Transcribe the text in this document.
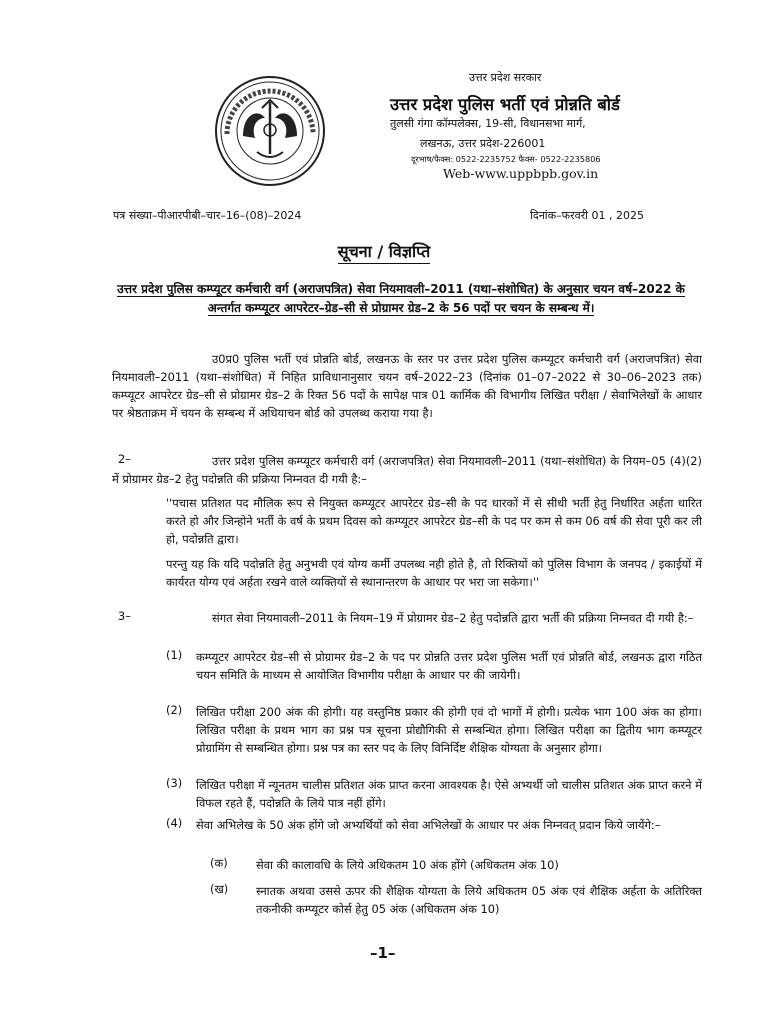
उत्तर प्रदेश सरकार
उत्तर प्रदेश पुलिस भर्ती एवं प्रोन्नति बोर्ड
तुलसी गंगा कॉम्पलेक्स, 19-सी, विधानसभा मार्ग,
लखनऊ, उत्तर प्रदेश-226001
दूरभाष/फैक्स: 0522-2235752 फैक्स- 0522-2235806
Web-www.uppbpb.gov.in
पत्र संख्या–पीआरपीबी–चार–16–(08)–2024	दिनांक–फरवरी 01 , 2025
सूचना / विज्ञप्ति
उत्तर प्रदेश पुलिस कम्प्यूटर कर्मचारी वर्ग (अराजपत्रित) सेवा नियमावली–2011 (यथा–संशोधित) के अनुसार चयन वर्ष–2022 के अन्तर्गत कम्प्यूटर आपरेटर–ग्रेड–सी से प्रोग्रामर ग्रेड–2 के 56 पदों पर चयन के सम्बन्ध में।

उ0प्र0 पुलिस भर्ती एवं प्रोन्नति बोर्ड, लखनऊ के स्तर पर उत्तर प्रदेश पुलिस कम्प्यूटर कर्मचारी वर्ग (अराजपत्रित) सेवा नियमावली–2011 (यथा–संशोधित) में निहित प्राविधानानुसार चयन वर्ष–2022–23 (दिनांक 01–07–2022 से 30–06–2023 तक) कम्प्यूटर आपरेटर ग्रेड–सी से प्रोग्रामर ग्रेड–2 के रिक्त 56 पदों के सापेक्ष पात्र 01 कार्मिक की विभागीय लिखित परीक्षा / सेवाभिलेखों के आधार पर श्रेष्ठताक्रम में चयन के सम्बन्ध में अधियाचन बोर्ड को उपलब्ध कराया गया है।

2–	उत्तर प्रदेश पुलिस कम्प्यूटर कर्मचारी वर्ग (अराजपत्रित) सेवा नियमावली–2011 (यथा–संशोधित) के नियम–05 (4)(2) में प्रोग्रामर ग्रेड–2 हेतु पदोन्नति की प्रक्रिया निम्नवत दी गयी है:–

''पचास प्रतिशत पद मौलिक रूप से नियुक्त कम्प्यूटर आपरेटर ग्रेड–सी के पद धारकों में से सीधी भर्ती हेतु निर्धारित अर्हता धारित करते हो और जिन्होने भर्ती के वर्ष के प्रथम दिवस को कम्प्यूटर आपरेटर ग्रेड–सी के पद पर कम से कम 06 वर्ष की सेवा पूरी कर ली हो, पदोन्नति द्वारा।

परन्तु यह कि यदि पदोन्नति हेतु अनुभवी एवं योग्य कर्मी उपलब्ध नही होते है, तो रिक्तियों को पुलिस विभाग के जनपद / इकाईयों में कार्यरत योग्य एवं अर्हता रखने वाले व्यक्तियों से स्थानान्तरण के आधार पर भरा जा सकेगा।''

3–	संगत सेवा नियमावली–2011 के नियम–19 में प्रोग्रामर ग्रेड–2 हेतु पदोन्नति द्वारा भर्ती की प्रक्रिया निम्नवत दी गयी है:–

(1) कम्प्यूटर आपरेटर ग्रेड–सी से प्रोग्रामर ग्रेड–2 के पद पर प्रोन्नति उत्तर प्रदेश पुलिस भर्ती एवं प्रोन्नति बोर्ड, लखनऊ द्वारा गठित चयन समिति के माध्यम से आयोजित विभागीय परीक्षा के आधार पर की जायेगी।

(2) लिखित परीक्षा 200 अंक की होगी। यह वस्तुनिष्ठ प्रकार की होगी एवं दो भागों में होगी। प्रत्येक भाग 100 अंक का होगा। लिखित परीक्षा के प्रथम भाग का प्रश्न पत्र सूचना प्रोद्यौगिकी से सम्बन्धित होगा। लिखित परीक्षा का द्वितीय भाग कम्प्यूटर प्रोग्रामिंग से सम्बन्धित होगा। प्रश्न पत्र का स्तर पद के लिए विनिर्दिष्ट शैक्षिक योग्यता के अनुसार होगा।

(3) लिखित परीक्षा में न्यूनतम चालीस प्रतिशत अंक प्राप्त करना आवश्यक है। ऐसे अभ्यर्थी जो चालीस प्रतिशत अंक प्राप्त करने में विफल रहते हैं, पदोन्नति के लिये पात्र नहीं होंगे।

(4) सेवा अभिलेख के 50 अंक होंगे जो अभ्यर्थियों को सेवा अभिलेखों के आधार पर अंक निम्नवत् प्रदान किये जायेंगे:–

(क) सेवा की कालावधि के लिये अधिकतम 10 अंक होंगे (अधिकतम अंक 10)

(ख) स्नातक अथवा उससे ऊपर की शैक्षिक योग्यता के लिये अधिकतम 05 अंक एवं शैक्षिक अर्हता के अतिरिक्त तकनीकी कम्प्यूटर कोर्स हेतु 05 अंक (अधिकतम अंक 10)

–1–
